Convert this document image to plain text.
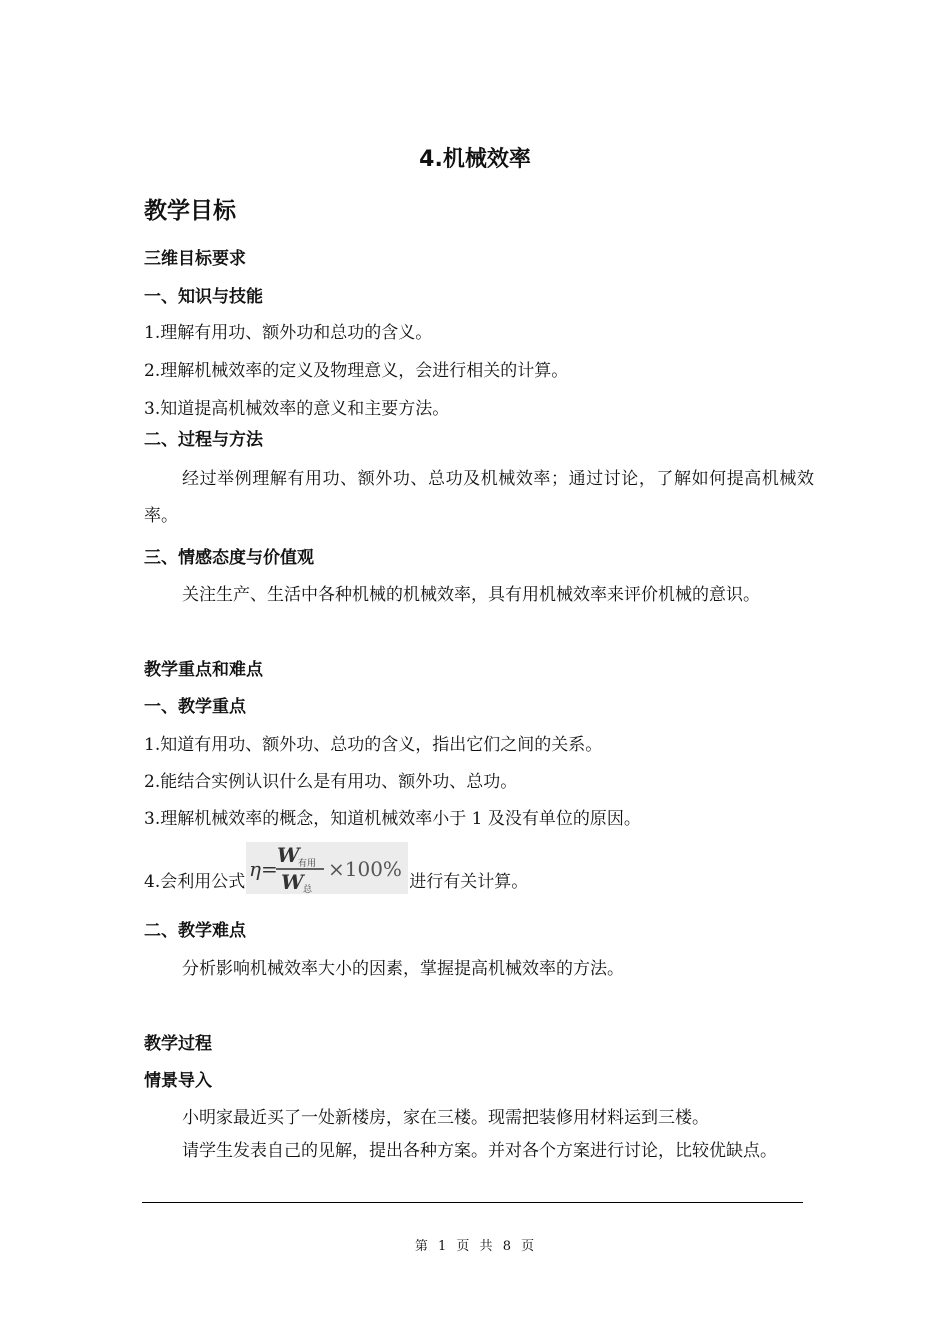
4.机械效率
教学目标
三维目标要求
一、知识与技能
1.理解有用功、额外功和总功的含义。
2.理解机械效率的定义及物理意义，会进行相关的计算。
3.知道提高机械效率的意义和主要方法。
二、过程与方法
经过举例理解有用功、额外功、总功及机械效率；通过讨论，了解如何提高机械效率。
三、情感态度与价值观
关注生产、生活中各种机械的机械效率，具有用机械效率来评价机械的意识。
教学重点和难点
一、教学重点
1.知道有用功、额外功、总功的含义，指出它们之间的关系。
2.能结合实例认识什么是有用功、额外功、总功。
3.理解机械效率的概念，知道机械效率小于 1 及没有单位的原因。
4.会利用公式
η=
W
有用
W 总
×100%
进行有关计算。
二、教学难点
分析影响机械效率大小的因素，掌握提高机械效率的方法。
教学过程
情景导入
小明家最近买了一处新楼房，家在三楼。现需把装修用材料运到三楼。
请学生发表自己的见解，提出各种方案。并对各个方案进行讨论，比较优缺点。
第 1 页 共 8 页
